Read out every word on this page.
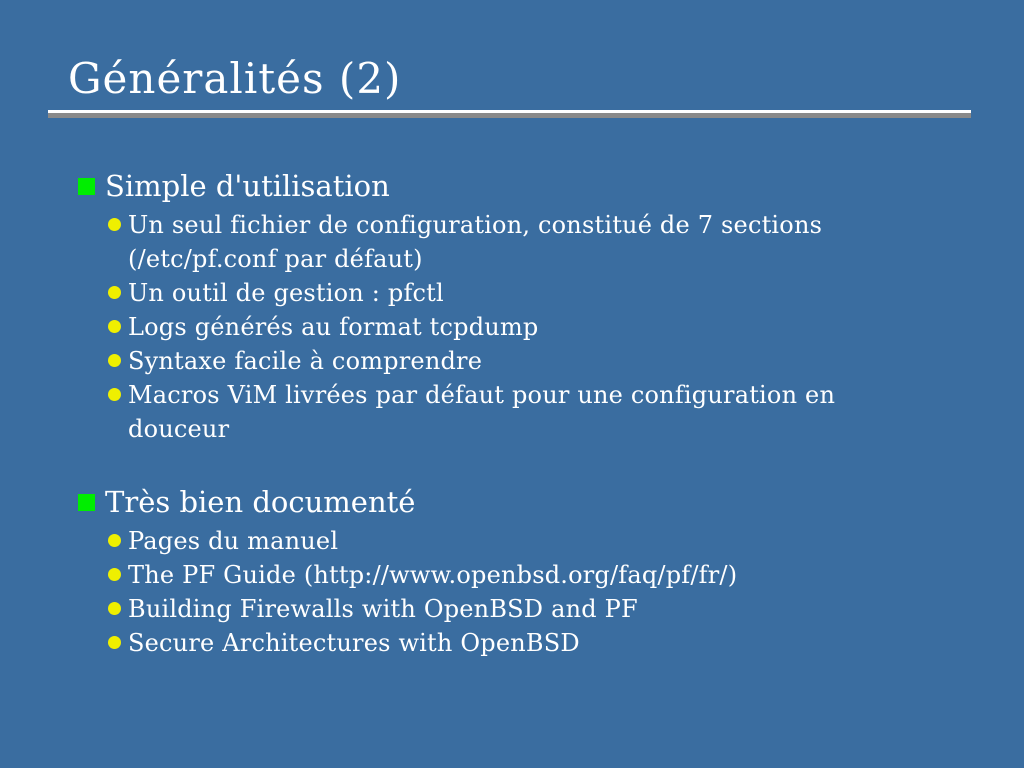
Généralités (2)
Simple d'utilisation
Un seul fichier de configuration, constitué de 7 sections (/etc/pf.conf par défaut)
Un outil de gestion : pfctl
Logs générés au format tcpdump
Syntaxe facile à comprendre
Macros ViM livrées par défaut pour une configuration en douceur
Très bien documenté
Pages du manuel
The PF Guide (http://www.openbsd.org/faq/pf/fr/)
Building Firewalls with OpenBSD and PF
Secure Architectures with OpenBSD
